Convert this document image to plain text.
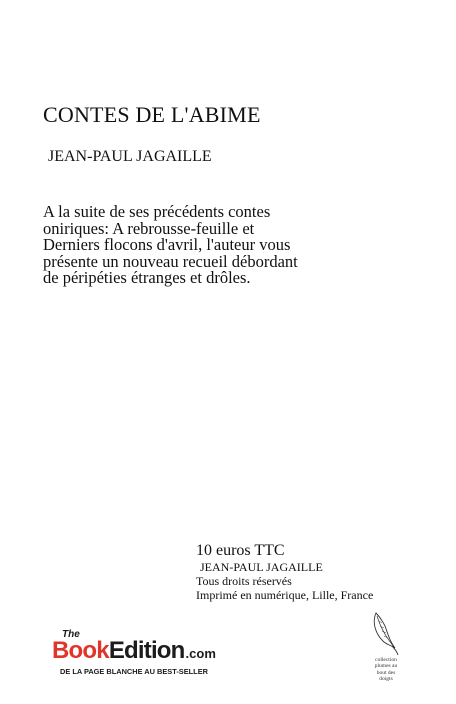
CONTES DE L'ABIME
JEAN-PAUL JAGAILLE
A la suite de ses précédents contes
oniriques: A rebrousse-feuille et
Derniers flocons d'avril, l'auteur vous
présente un nouveau recueil débordant
de péripéties étranges et drôles.
10 euros TTC
JEAN-PAUL JAGAILLE
Tous droits réservés
Imprimé en numérique, Lille, France
The
BookEdition.com
DE LA PAGE BLANCHE AU BEST-SELLER
collection
plumes au
bout des
doigts
